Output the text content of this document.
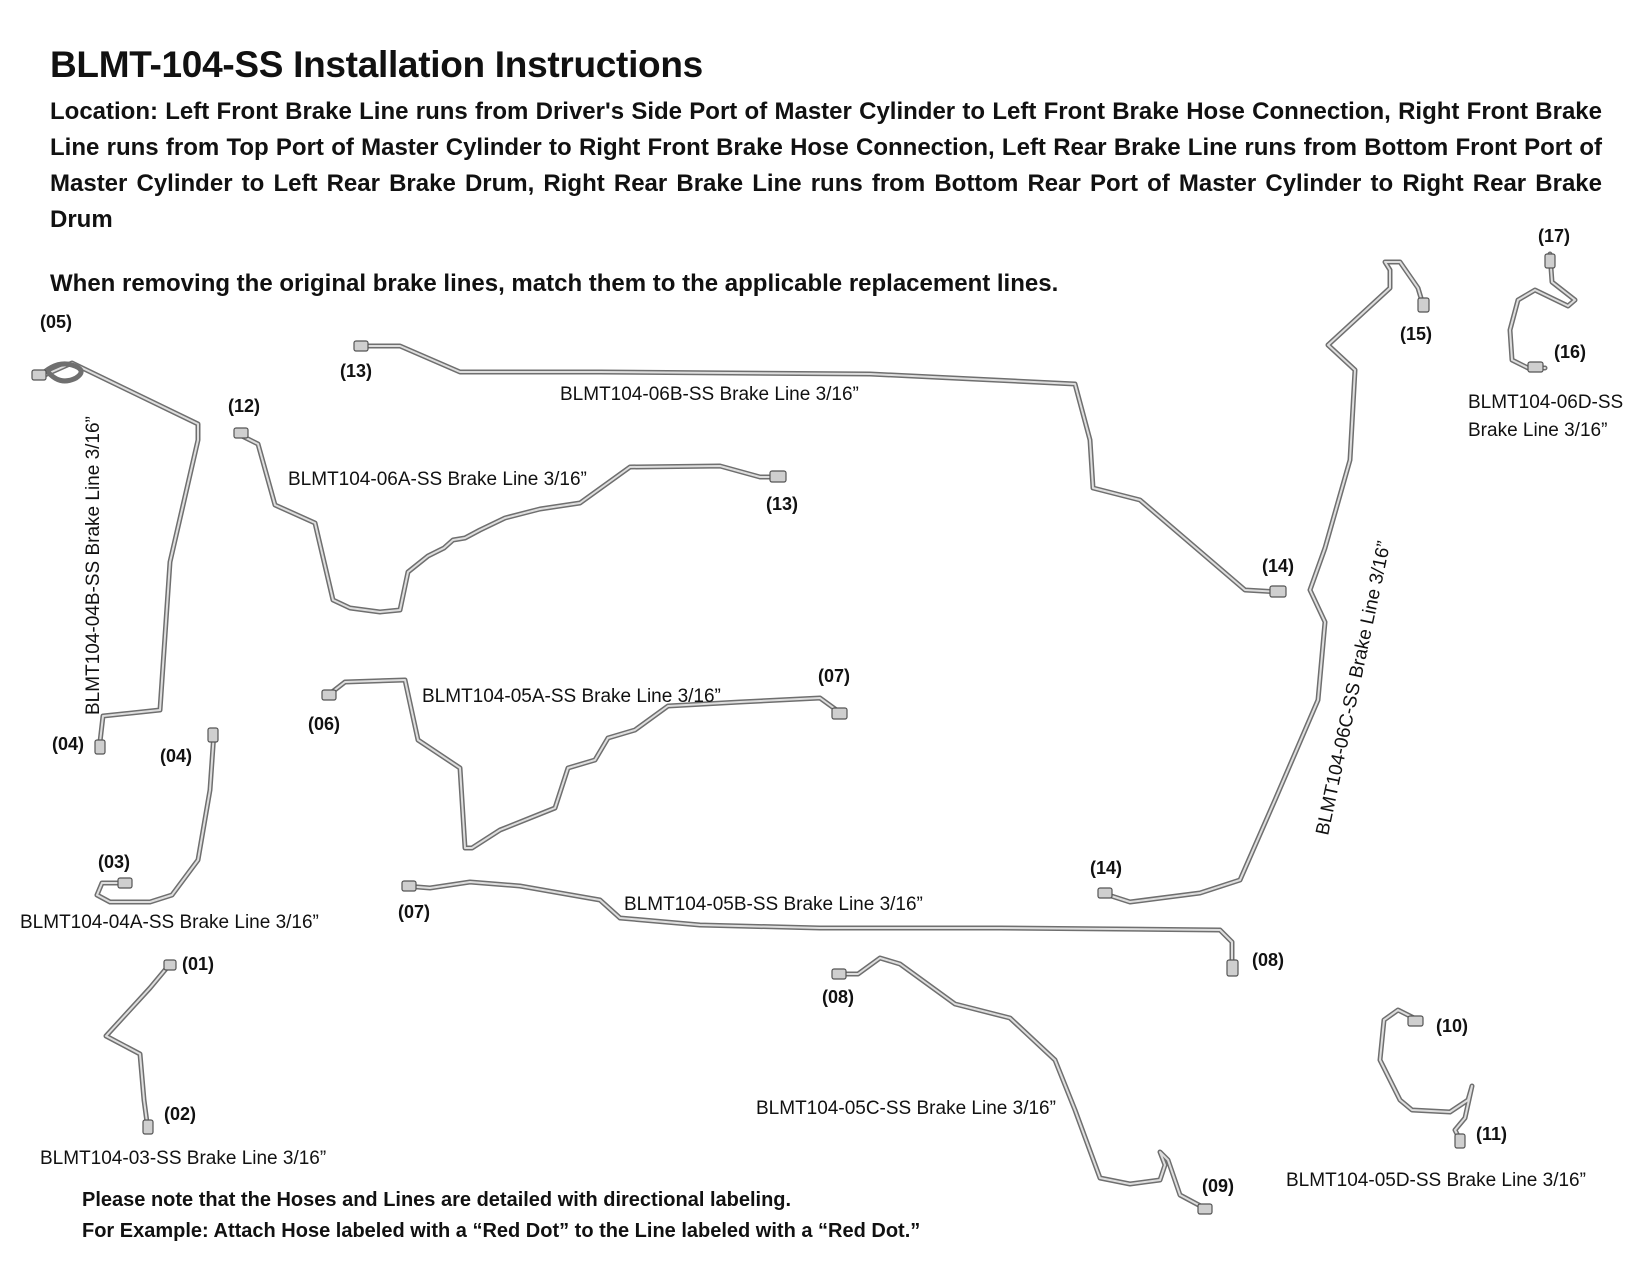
BLMT-104-SS Installation Instructions

Location: Left Front Brake Line runs from Driver's Side Port of Master Cylinder to Left Front Brake Hose Connection, Right Front Brake Line runs from Top Port of Master Cylinder to Right Front Brake Hose Connection, Left Rear Brake Line runs from Bottom Front Port of Master Cylinder to Left Rear Brake Drum, Right Rear Brake Line runs from Bottom Rear Port of Master Cylinder to Right Rear Brake Drum

When removing the original brake lines, match them to the applicable replacement lines.

(05)
(04)
(12)
(13)
(13)
(14)
(14)
(15)
(16)
(17)
(06)
(07)
(04)
(03)
(07)
(08)
(08)
(01)
(02)
(09)
(10)
(11)
BLMT104-04B-SS Brake Line 3/16”
BLMT104-06B-SS Brake Line 3/16”
BLMT104-06A-SS Brake Line 3/16”
BLMT104-06C-SS Brake Line 3/16”
BLMT104-06D-SS
Brake Line 3/16”
BLMT104-05A-SS Brake Line 3/16”
BLMT104-04A-SS Brake Line 3/16”
BLMT104-05B-SS Brake Line 3/16”
BLMT104-03-SS Brake Line 3/16”
BLMT104-05C-SS Brake Line 3/16”
BLMT104-05D-SS Brake Line 3/16”
Please note that the Hoses and Lines are detailed with directional labeling.
For Example: Attach Hose labeled with a “Red Dot” to the Line labeled with a “Red Dot.”
